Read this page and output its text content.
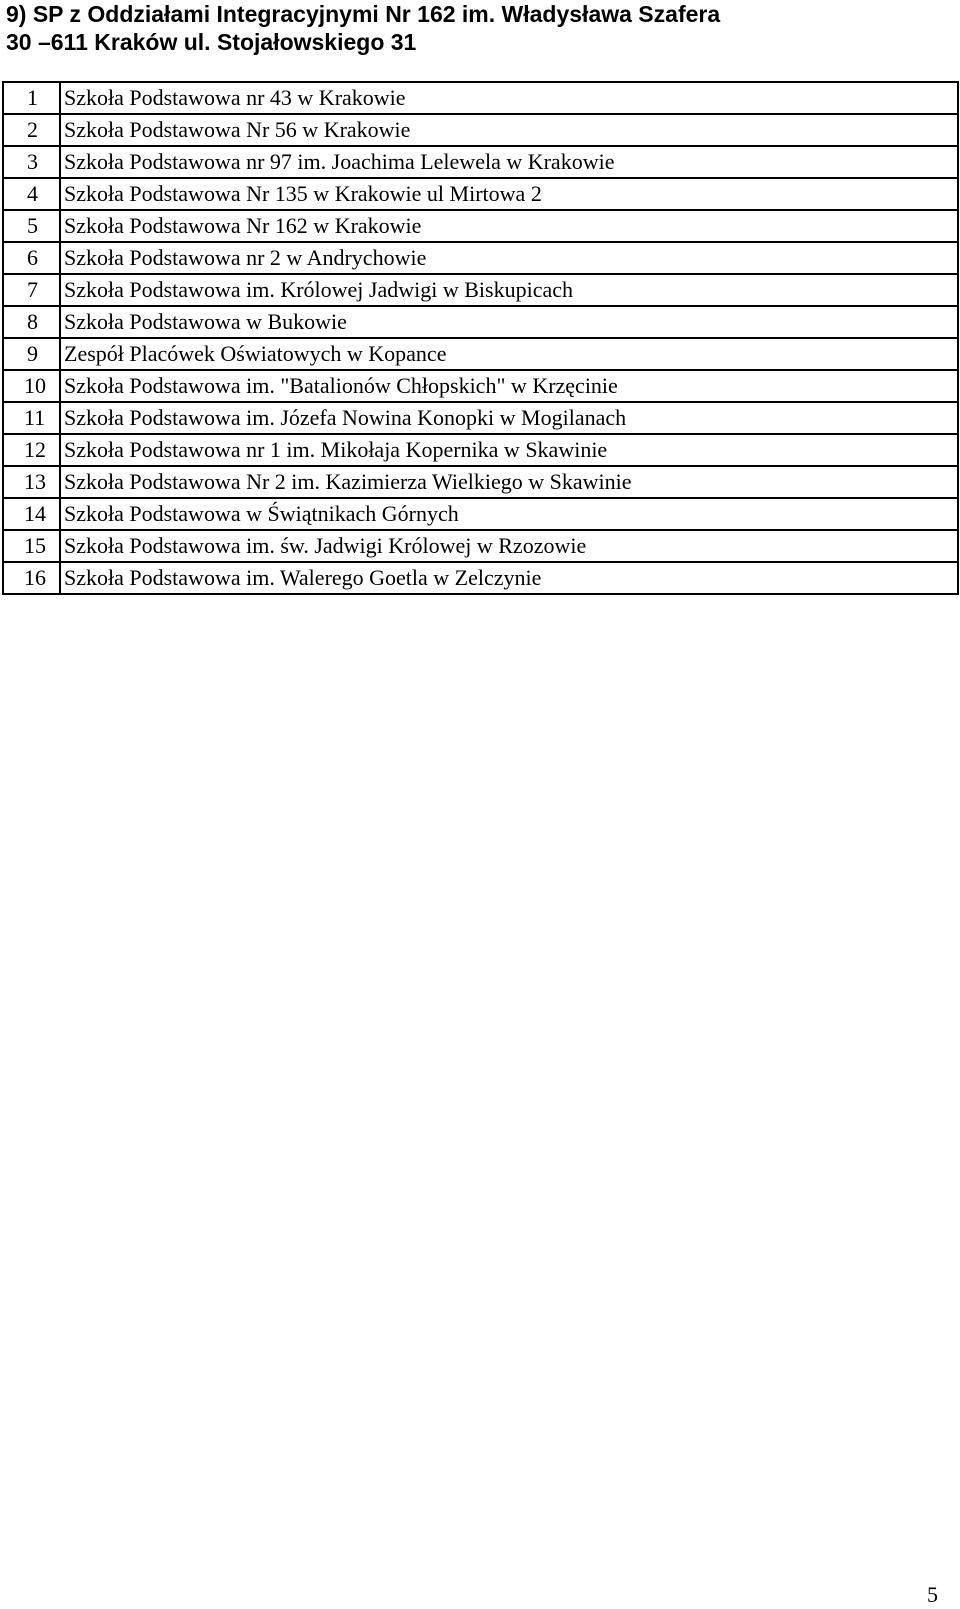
9) SP z Oddziałami Integracyjnymi Nr 162 im. Władysława Szafera
30 –611 Kraków ul. Stojałowskiego 31
1	Szkoła Podstawowa nr 43 w Krakowie
2	Szkoła Podstawowa Nr 56 w Krakowie
3	Szkoła Podstawowa nr 97 im. Joachima Lelewela w Krakowie
4	Szkoła Podstawowa Nr 135 w Krakowie ul Mirtowa 2
5	Szkoła Podstawowa Nr 162 w Krakowie
6	Szkoła Podstawowa nr 2 w Andrychowie
7	Szkoła Podstawowa im. Królowej Jadwigi w Biskupicach
8	Szkoła Podstawowa w Bukowie
9	Zespół Placówek Oświatowych w Kopance
10	Szkoła Podstawowa im. "Batalionów Chłopskich" w Krzęcinie
11	Szkoła Podstawowa im. Józefa Nowina Konopki w Mogilanach
12	Szkoła Podstawowa nr 1 im. Mikołaja Kopernika w Skawinie
13	Szkoła Podstawowa Nr 2 im. Kazimierza Wielkiego w Skawinie
14	Szkoła Podstawowa w Świątnikach Górnych
15	Szkoła Podstawowa im. św. Jadwigi Królowej w Rzozowie
16	Szkoła Podstawowa im. Walerego Goetla w Zelczynie
5
